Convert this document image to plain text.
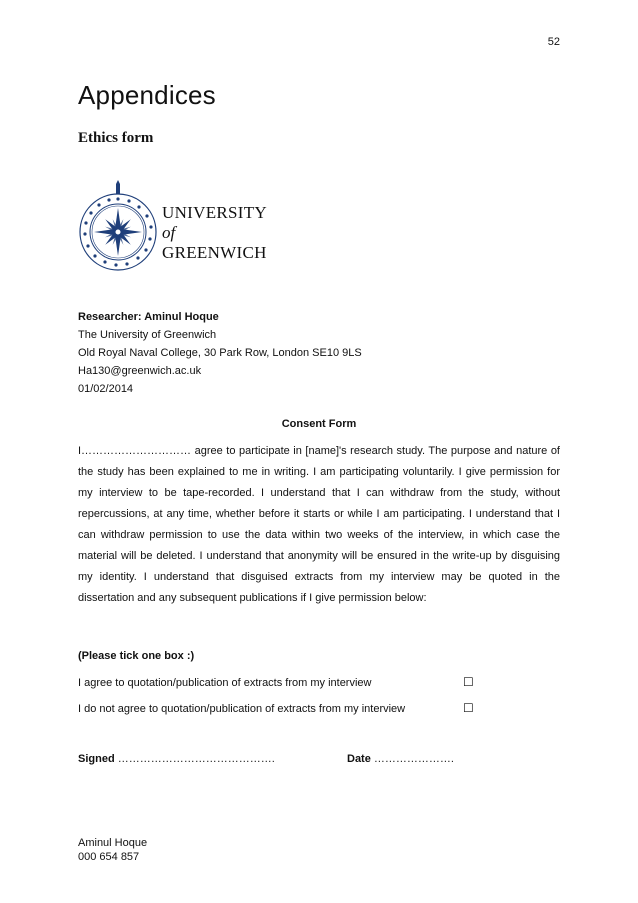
52
Appendices
Ethics form
UNIVERSITY
of
GREENWICH
Researcher: Aminul Hoque
The University of Greenwich
Old Royal Naval College, 30 Park Row, London SE10 9LS
Ha130@greenwich.ac.uk
01/02/2014
Consent Form
I………………………… agree to participate in [name]'s research study. The purpose and nature of the study has been explained to me in writing. I am participating voluntarily. I give permission for my interview to be tape-recorded. I understand that I can withdraw from the study, without repercussions, at any time, whether before it starts or while I am participating. I understand that I can withdraw permission to use the data within two weeks of the interview, in which case the material will be deleted. I understand that anonymity will be ensured in the write-up by disguising my identity. I understand that disguised extracts from my interview may be quoted in the dissertation and any subsequent publications if I give permission below:
(Please tick one box :)
I agree to quotation/publication of extracts from my interview	☐
I do not agree to quotation/publication of extracts from my interview	☐
Signed …………………………………….	Date ………………….
Aminul Hoque
000 654 857
